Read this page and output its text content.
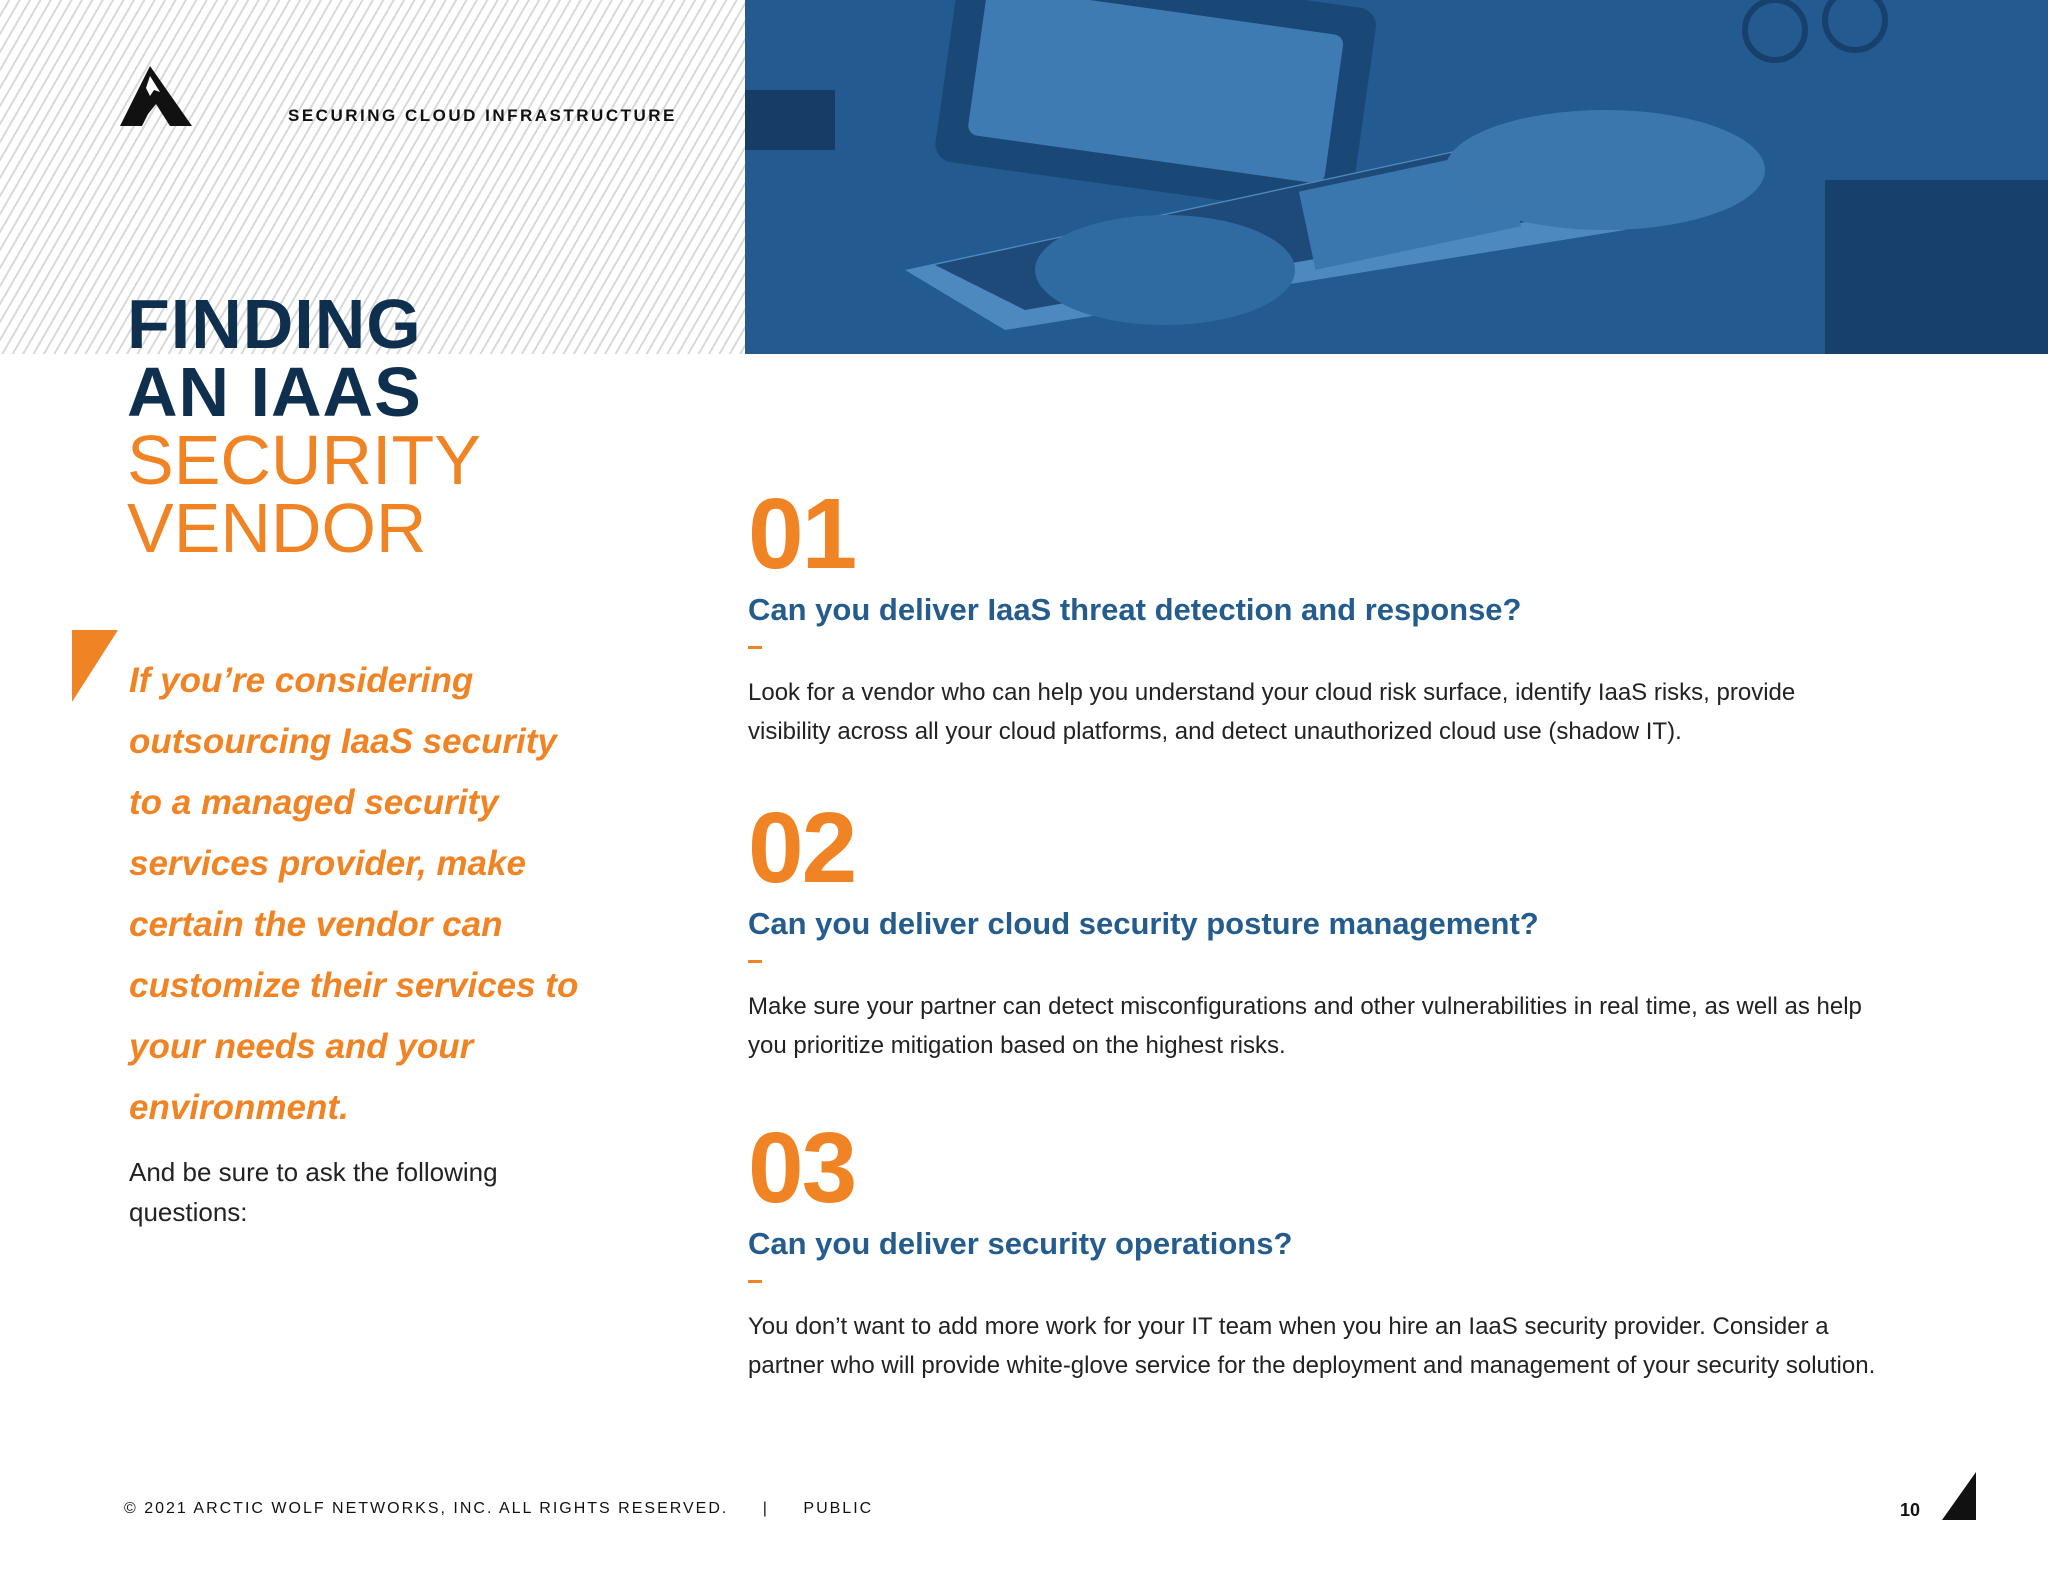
SECURING CLOUD INFRASTRUCTURE
FINDING
AN IAAS
SECURITY
VENDOR
If you’re considering outsourcing IaaS security to a managed security services provider, make certain the vendor can customize their services to your needs and your environment.
And be sure to ask the following questions:
01
Can you deliver IaaS threat detection and response?
Look for a vendor who can help you understand your cloud risk surface, identify IaaS risks, provide visibility across all your cloud platforms, and detect unauthorized cloud use (shadow IT).
02
Can you deliver cloud security posture management?
Make sure your partner can detect misconfigurations and other vulnerabilities in real time, as well as help you prioritize mitigation based on the highest risks.
03
Can you deliver security operations?
You don’t want to add more work for your IT team when you hire an IaaS security provider. Consider a partner who will provide white-glove service for the deployment and management of your security solution.
© 2021 ARCTIC WOLF NETWORKS, INC. ALL RIGHTS RESERVED. | PUBLIC	10
